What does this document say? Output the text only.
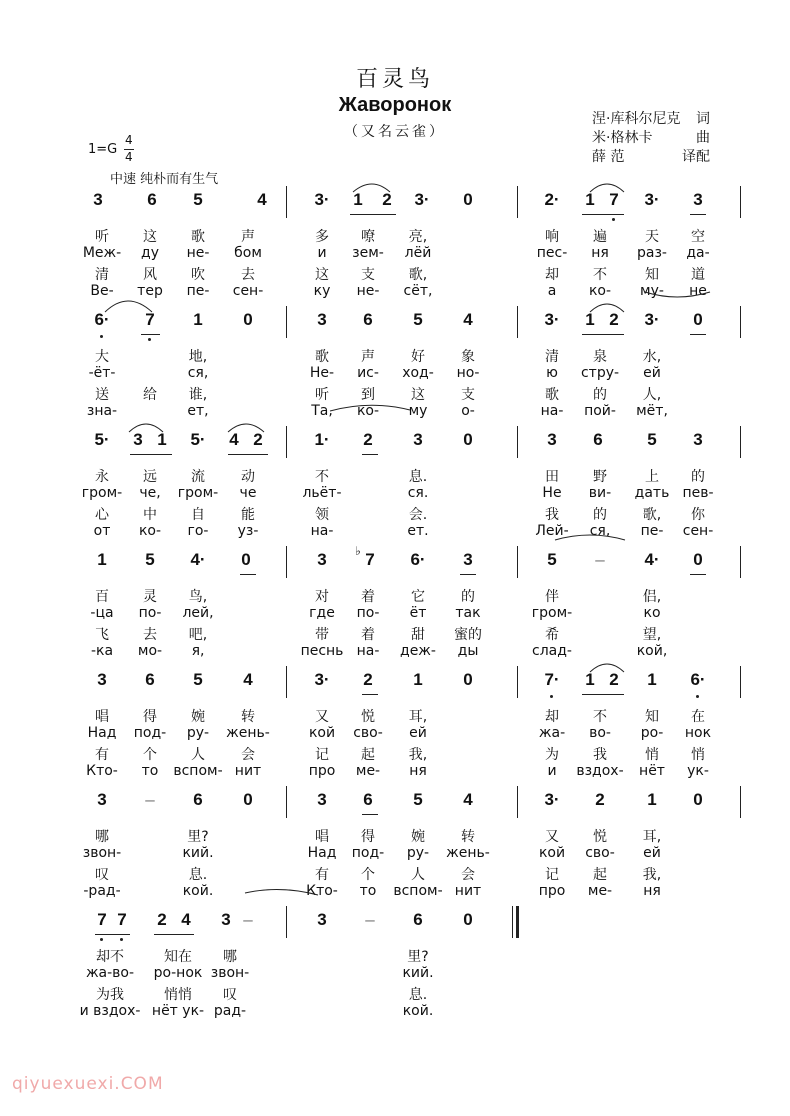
百灵鸟
Жаворонок
（又名云雀）
涅·库科尔尼克 词
米·格林卡	曲
薛 范	译配
1=G
4
4
中速 纯朴而有生气
3	6 5	4	3· 1 2 3· 0	2· 1 7 3· 3
听 这 歌	声	多 嘹 亮,	响 遍	天 空
Меж- ду не- бом	и зем- лёй	пес- ня раз- да-
清 风 吹	去	这 支 歌,	却 不	知 道
Ве- тер пе- сен-	ку не- сёт,	а ко- му- не
6· 7 1 0	3 6 5 4	3· 1 2 3· 0
大	地,	歌 声	好	象	清 泉	水,
-ёт-	ся,	Не- ис- ход- но-	ю стру- ей
送 给 谁,	听 到	这	支	歌 的	人,
зна-	ет,	Та, ко- му о-	на- пой- мёт,
5· 3 1 5· 4 2	1· 2 3 0	3 6	5 3
永 远 流	动	不	息.	田 野	上 的
гром- че, гром- че	льёт-	ся.	Не ви- дать пев-
心 中 自	能	领	会.	我 的	歌, 你
от ко- го- уз-	на-	ет.	Лей- ся, пе- сен-
1 5 4· 0	3 ♭ 7 6· 3	5 – 4· 0
百 灵 鸟,	对 着	它	的	伴	侣,
-ца по- лей,	где по- ёт так	гром-	ко
飞 去 吧,	带 着	甜 蜜的	希	望,
-ка мо- я,	песнь на- деж- ды	слад-	кой,
3 6 5 4	3· 2 1 0	7· 1 2 1 6·
唱 得 婉	转	又 悦 耳,	却 不	知 在
Над под- ру- жень-	кой сво- ей	жа- во- ро- нок
有 个 人	会	记 起 我,	为 我	悄 悄
Кто- то вспом- нит	про ме- ня	и вздох- нёт ук-
3 – 6 0	3 6 5 4	3· 2	1 0
哪	里?	唱 得	婉	转	又 悦	耳,
звон-	кий.	Над под- ру- жень-	кой сво- ей
叹	息.	有 个	人	会	记 起	我,
-рад-	кой.	Кто- то вспом- нит	про ме- ня
7 7 2 4 3 –	3 – 6 0
却不	知在 哪	里?
жа-во- ро-нок звон-	кий.
为我	悄悄 叹	息.
и вздох- нёт ук- рад-	кой.
qiyuexuexi.COM
